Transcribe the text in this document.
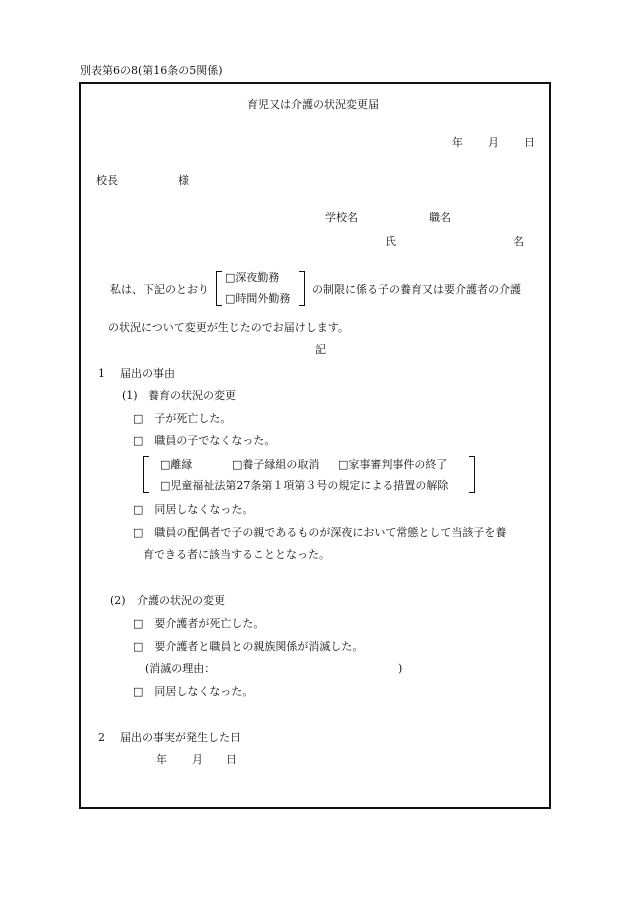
別表第6の8(第16条の5関係)
育児又は介護の状況変更届
年 月 日
校長	様
学校名	職名
氏	名
私は、下記のとおり
□深夜勤務
□時間外勤務
の制限に係る子の養育又は要介護者の介護
の状況について変更が生じたのでお届けします。
記
1 届出の事由
(1) 養育の状況の変更
□　子が死亡した。
□　職員の子でなくなった。
□離縁	□養子縁組の取消 □家事審判事件の終了
□児童福祉法第27条第１項第３号の規定による措置の解除
□　同居しなくなった。
□　職員の配偶者で子の親であるものが深夜において常態として当該子を養
育できる者に該当することとなった。
(2) 介護の状況の変更
□　要介護者が死亡した。
□　要介護者と職員との親族関係が消滅した。
(消滅の理由：	)
□　同居しなくなった。
2 届出の事実が発生した日
年 月 日
